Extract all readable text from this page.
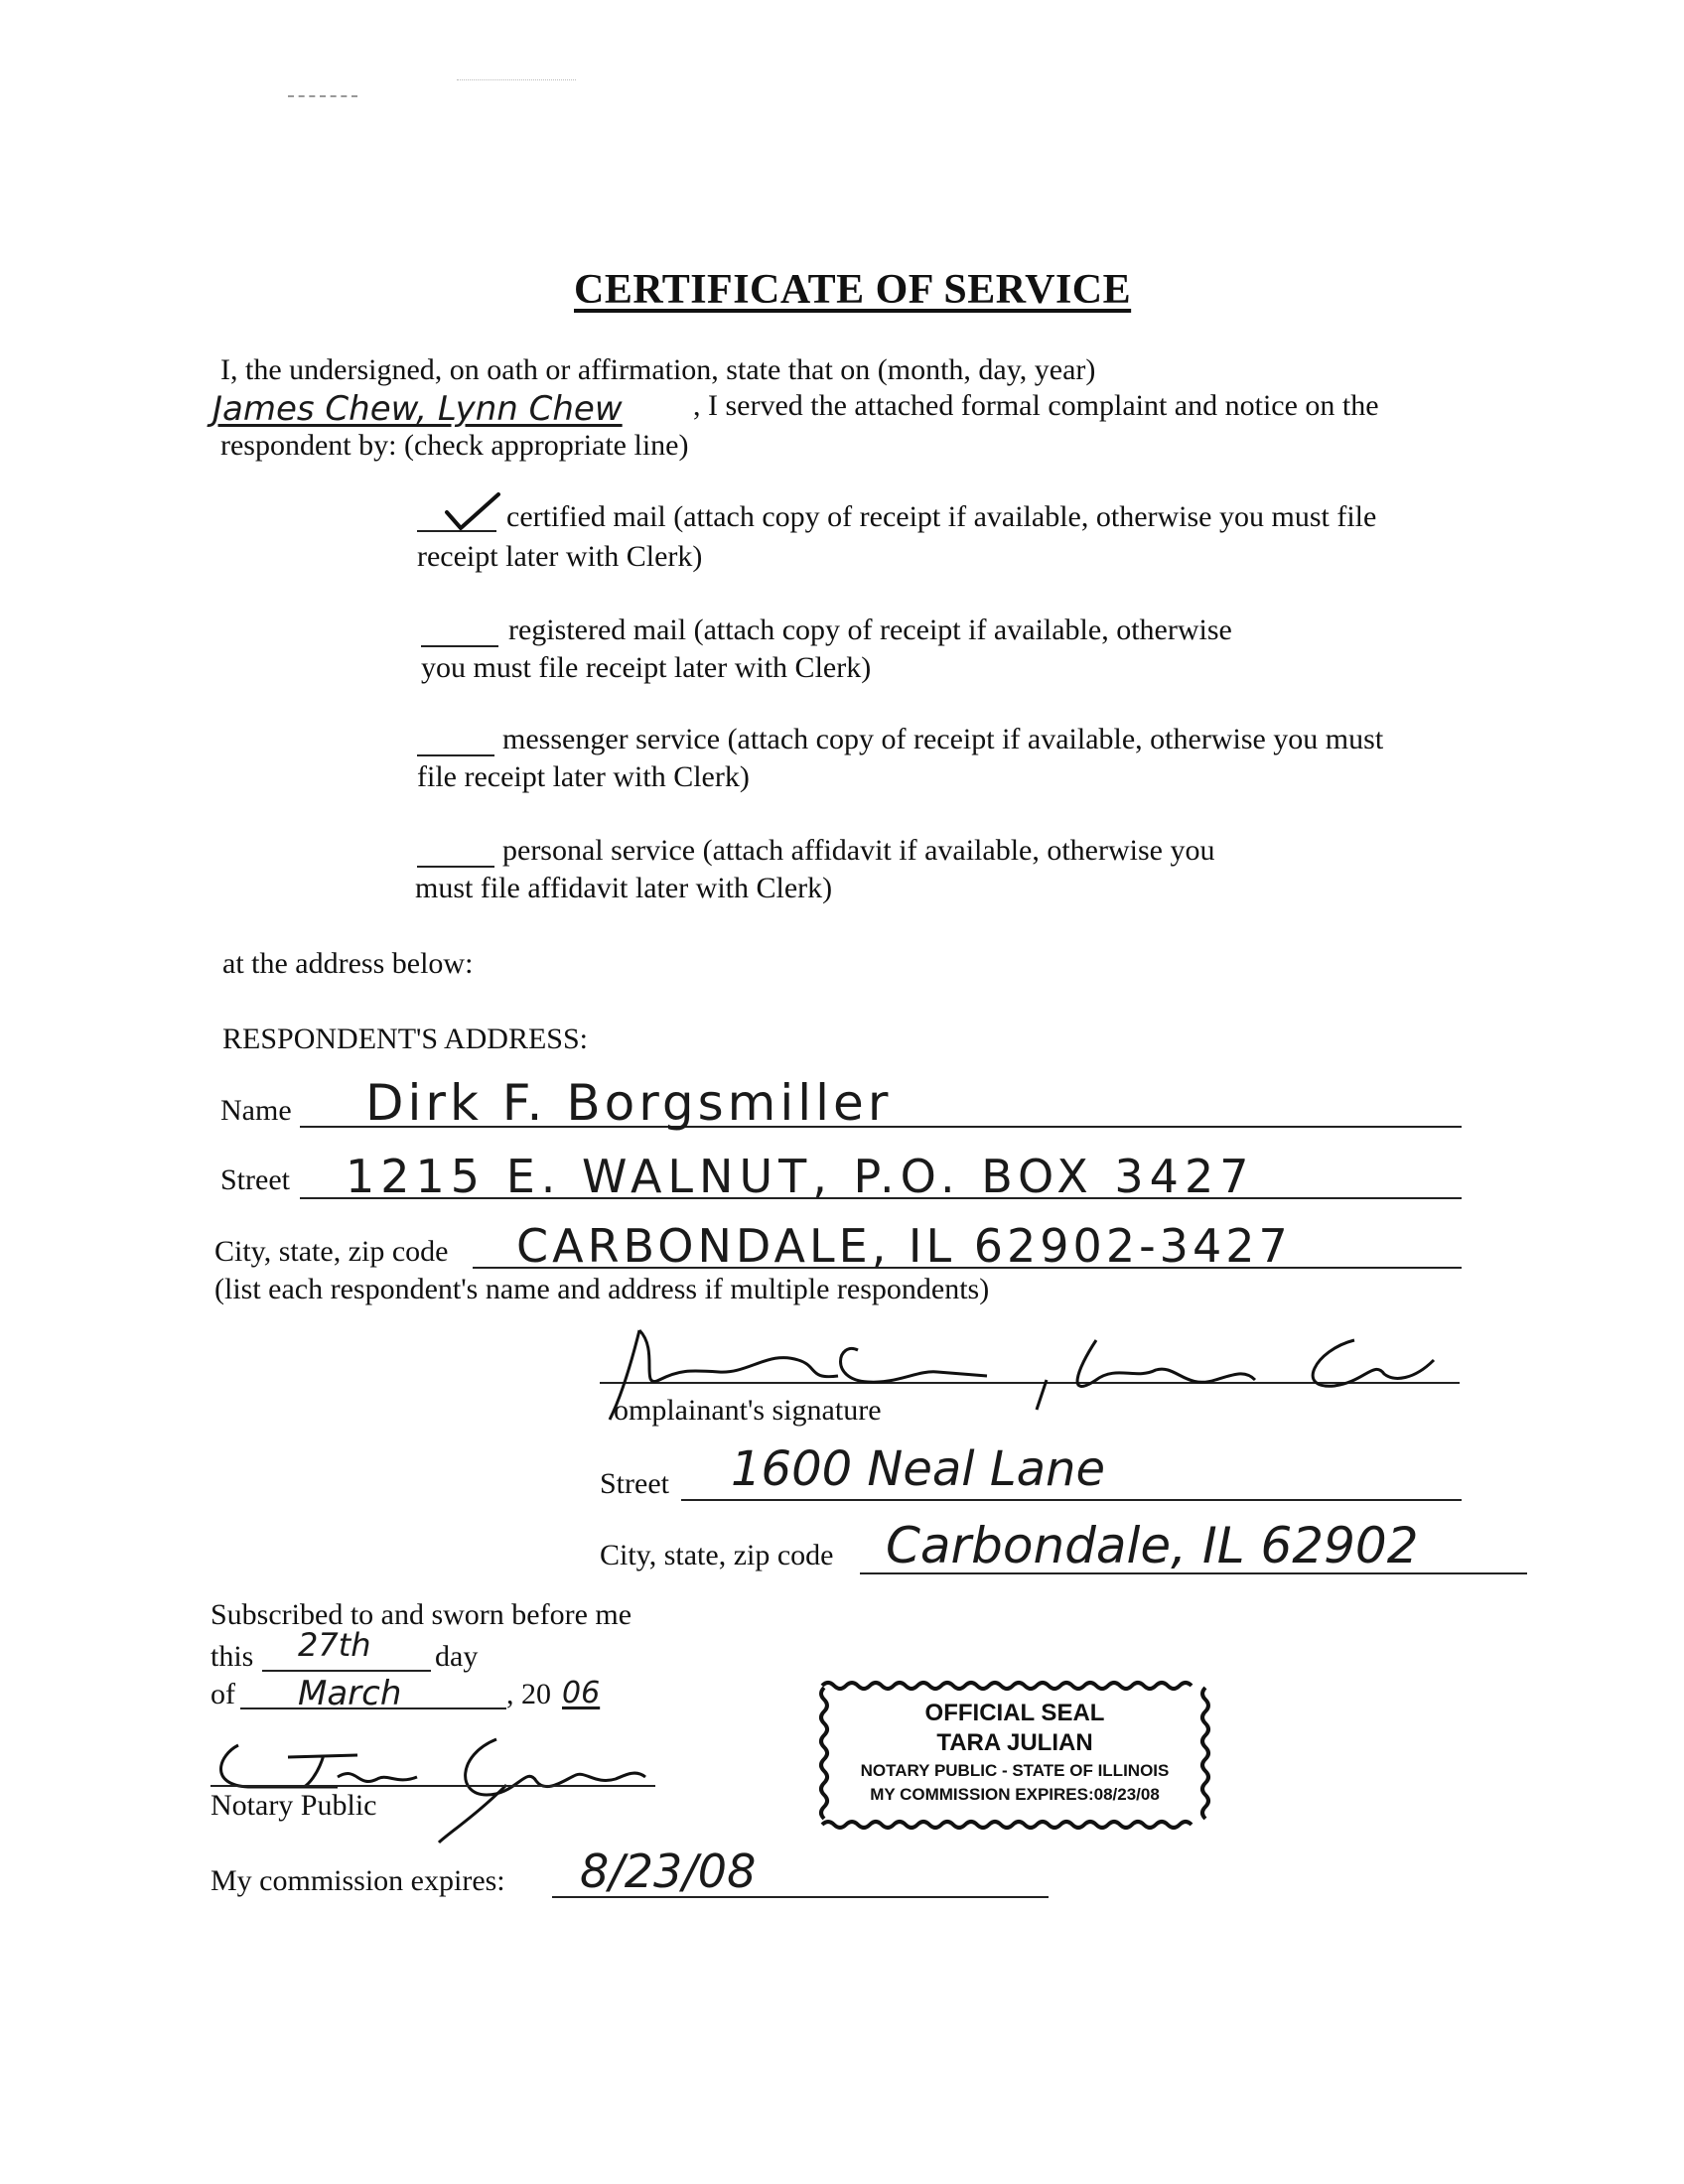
CERTIFICATE OF SERVICE
I, the undersigned, on oath or affirmation, state that on (month, day, year)
James Chew, Lynn Chew , I served the attached formal complaint and notice on the
respondent by: (check appropriate line)
certified mail (attach copy of receipt if available, otherwise you must file
receipt later with Clerk)
registered mail (attach copy of receipt if available, otherwise
you must file receipt later with Clerk)
messenger service (attach copy of receipt if available, otherwise you must
file receipt later with Clerk)
personal service (attach affidavit if available, otherwise you
must file affidavit later with Clerk)
at the address below:
RESPONDENT'S ADDRESS:
Name Dirk F. Borgsmiller
Street 1215 E. WALNUT, P.O. BOX 3427
City, state, zip code CARBONDALE, IL 62902-3427
(list each respondent's name and address if multiple respondents)
omplainant's signature
Street 1600 Neal Lane
City, state, zip code Carbondale, IL 62902
Subscribed to and sworn before me
this 27th day
of March	, 20 06
Notary Public
My commission expires: 8/23/08
OFFICIAL SEAL
TARA JULIAN
NOTARY PUBLIC - STATE OF ILLINOIS
MY COMMISSION EXPIRES:08/23/08
